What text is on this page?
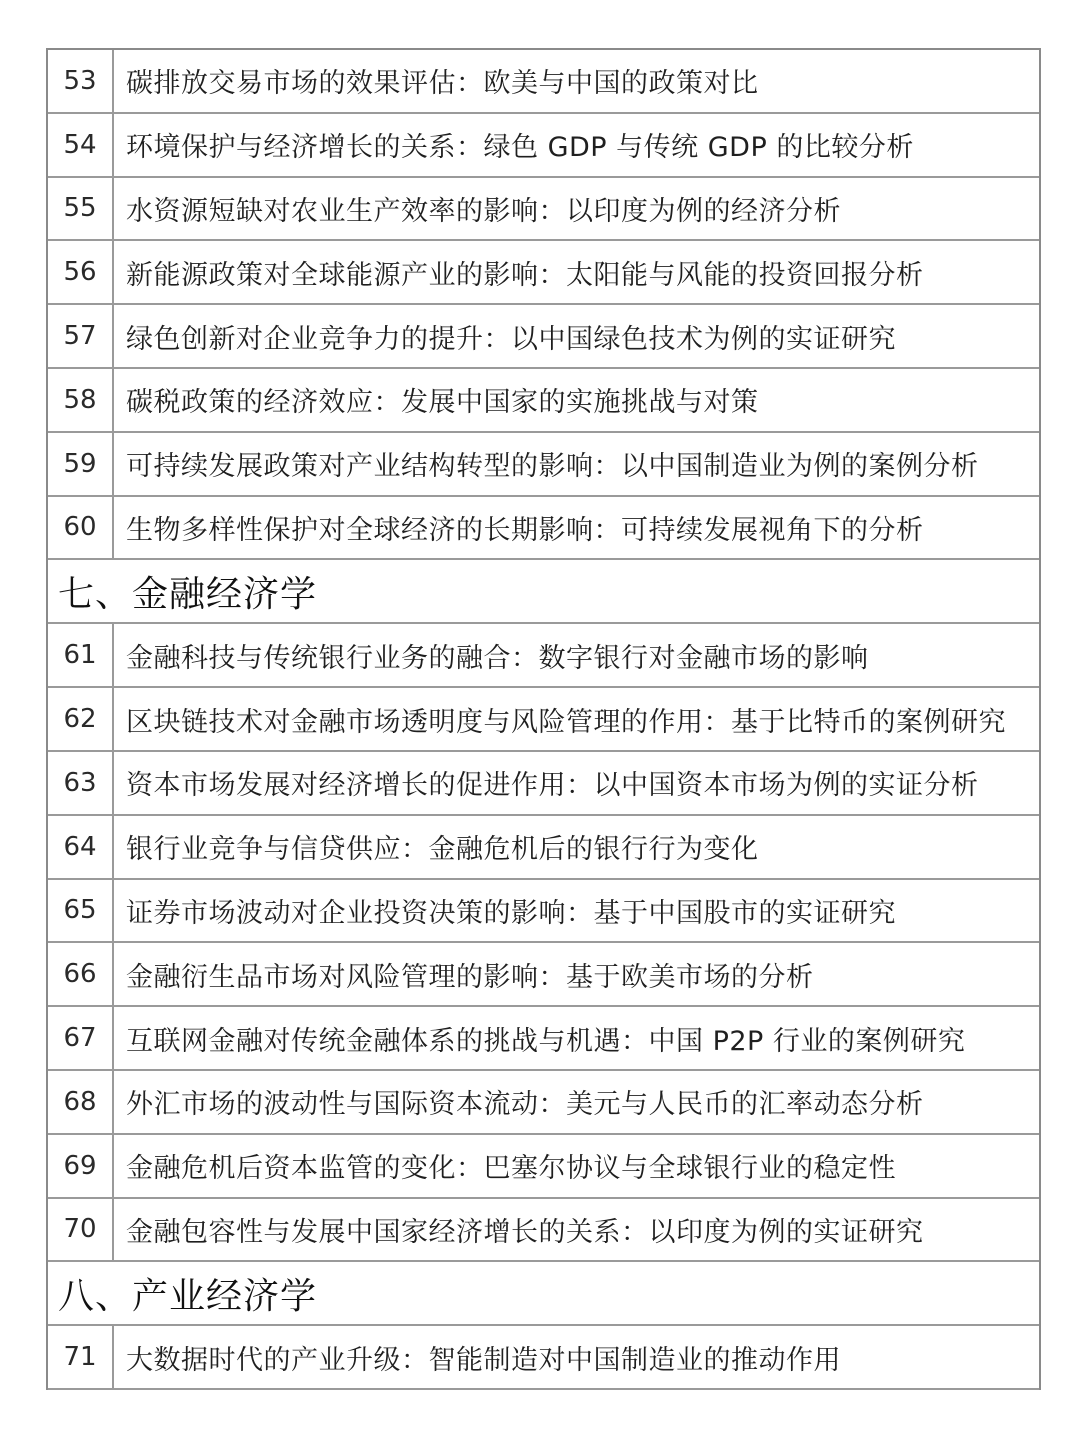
53	碳排放交易市场的效果评估：欧美与中国的政策对比
54	环境保护与经济增长的关系：绿色 GDP 与传统 GDP 的比较分析
55	水资源短缺对农业生产效率的影响：以印度为例的经济分析
56	新能源政策对全球能源产业的影响：太阳能与风能的投资回报分析
57	绿色创新对企业竞争力的提升：以中国绿色技术为例的实证研究
58	碳税政策的经济效应：发展中国家的实施挑战与对策
59	可持续发展政策对产业结构转型的影响：以中国制造业为例的案例分析
60	生物多样性保护对全球经济的长期影响：可持续发展视角下的分析
七、金融经济学
61	金融科技与传统银行业务的融合：数字银行对金融市场的影响
62	区块链技术对金融市场透明度与风险管理的作用：基于比特币的案例研究
63	资本市场发展对经济增长的促进作用：以中国资本市场为例的实证分析
64	银行业竞争与信贷供应：金融危机后的银行行为变化
65	证券市场波动对企业投资决策的影响：基于中国股市的实证研究
66	金融衍生品市场对风险管理的影响：基于欧美市场的分析
67	互联网金融对传统金融体系的挑战与机遇：中国 P2P 行业的案例研究
68	外汇市场的波动性与国际资本流动：美元与人民币的汇率动态分析
69	金融危机后资本监管的变化：巴塞尔协议与全球银行业的稳定性
70	金融包容性与发展中国家经济增长的关系：以印度为例的实证研究
八、产业经济学
71	大数据时代的产业升级：智能制造对中国制造业的推动作用
